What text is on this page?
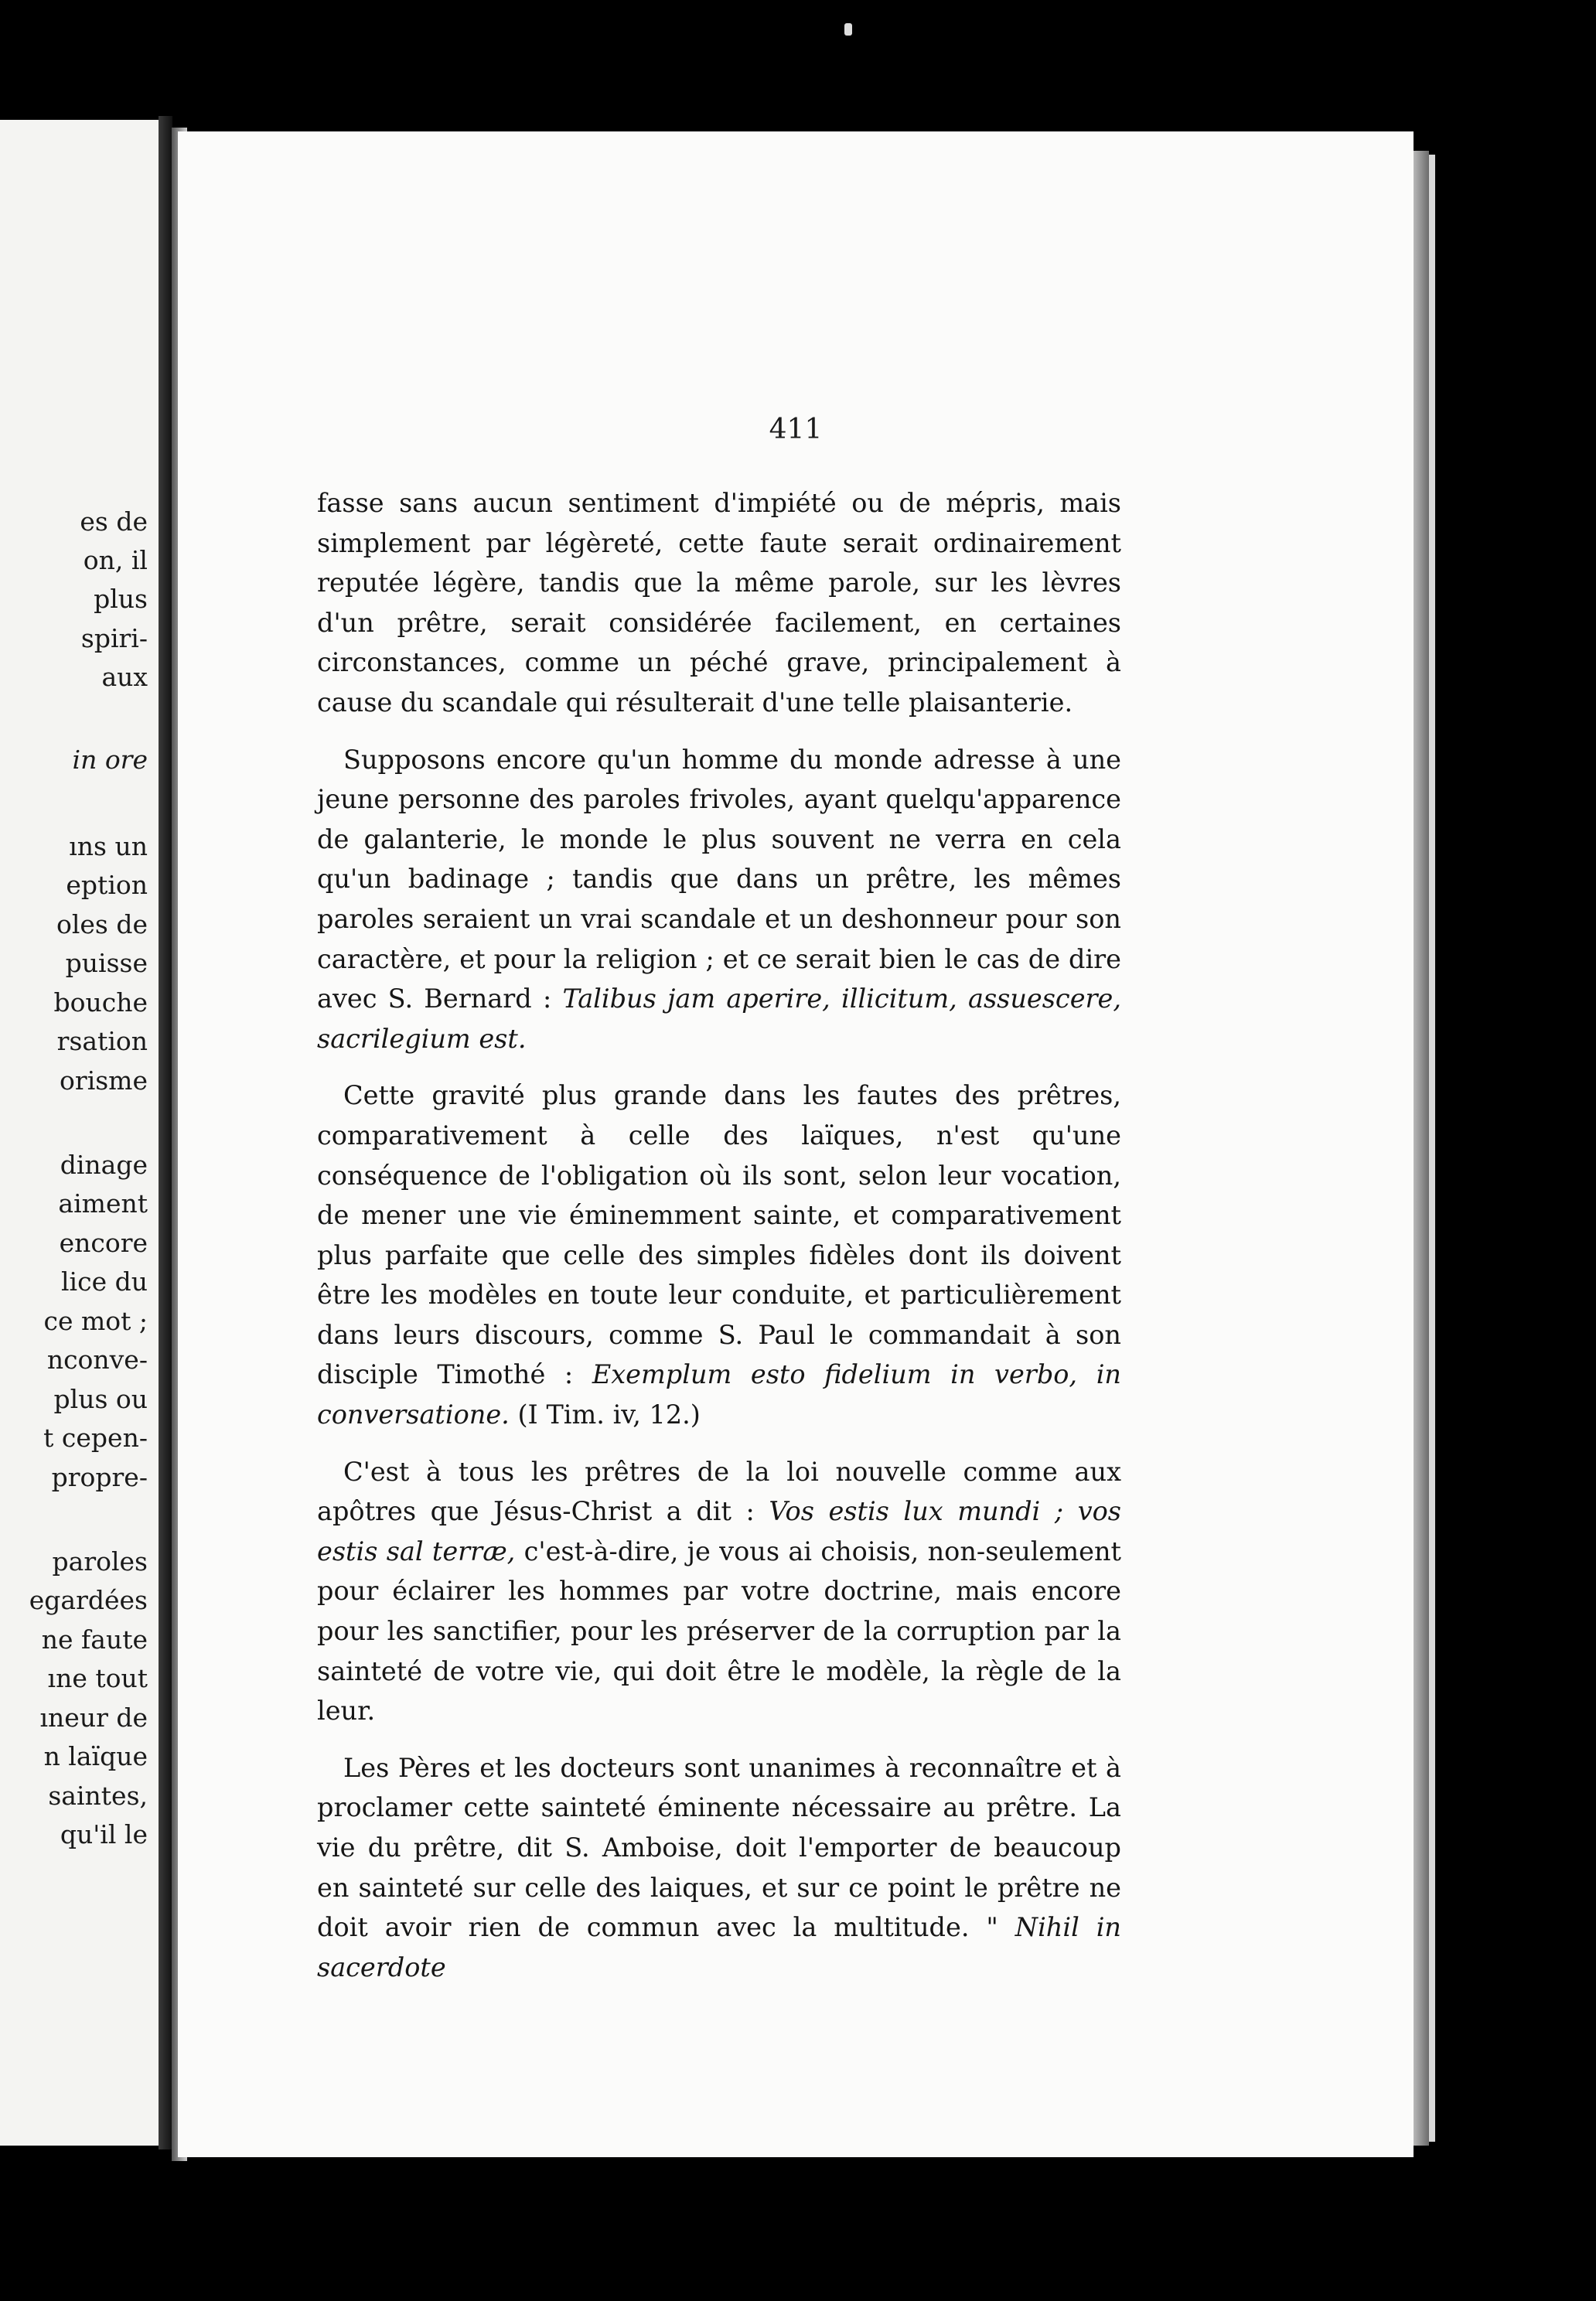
es de
on, il
plus
spiri-
aux
in ore
ıns un
eption
oles de
puisse
bouche
rsation
orisme
dinage
aiment
encore
lice du
ce mot ;
nconve-
plus ou
t cepen-
propre-
paroles
egardées
ne faute
ıne tout
ıneur de
n laïque
saintes,
qu'il le
411

fasse sans aucun sentiment d'impiété ou de mépris, mais simplement par légèreté, cette faute serait ordinairement reputée légère, tandis que la même parole, sur les lèvres d'un prêtre, serait considérée facilement, en certaines circonstances, comme un péché grave, principalement à cause du scandale qui résulterait d'une telle plaisanterie.

Supposons encore qu'un homme du monde adresse à une jeune personne des paroles frivoles, ayant quelqu'apparence de galanterie, le monde le plus souvent ne verra en cela qu'un badinage ; tandis que dans un prêtre, les mêmes paroles seraient un vrai scandale et un deshonneur pour son caractère, et pour la religion ; et ce serait bien le cas de dire avec S. Bernard : Talibus jam aperire, illicitum, assuescere, sacrilegium est.

Cette gravité plus grande dans les fautes des prêtres, comparativement à celle des laïques, n'est qu'une conséquence de l'obligation où ils sont, selon leur vocation, de mener une vie éminemment sainte, et comparativement plus parfaite que celle des simples fidèles dont ils doivent être les modèles en toute leur conduite, et particulièrement dans leurs discours, comme S. Paul le commandait à son disciple Timothé : Exemplum esto fidelium in verbo, in conversatione. (I Tim. iv, 12.)

C'est à tous les prêtres de la loi nouvelle comme aux apôtres que Jésus-Christ a dit : Vos estis lux mundi ; vos estis sal terræ, c'est-à-dire, je vous ai choisis, non-seulement pour éclairer les hommes par votre doctrine, mais encore pour les sanctifier, pour les préserver de la corruption par la sainteté de votre vie, qui doit être le modèle, la règle de la leur.

Les Pères et les docteurs sont unanimes à reconnaître et à proclamer cette sainteté éminente nécessaire au prêtre. La vie du prêtre, dit S. Amboise, doit l'emporter de beaucoup en sainteté sur celle des laiques, et sur ce point le prêtre ne doit avoir rien de commun avec la multitude. " Nihil in sacerdote
